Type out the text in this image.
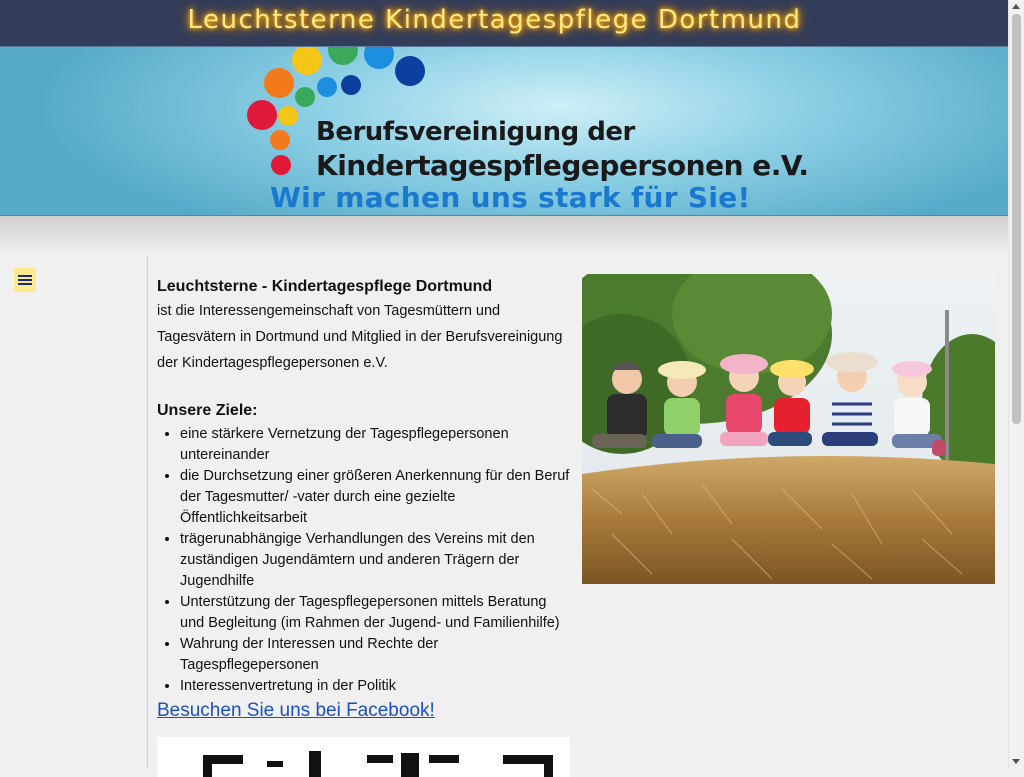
Leuchtsterne Kindertagespflege Dortmund
Berufsvereinigung der
Kindertagespflegepersonen e.V.
Wir machen uns stark für Sie!

Leuchtsterne - Kindertagespflege Dortmund

ist die Interessengemeinschaft von Tagesmüttern und Tagesvätern in Dortmund und Mitglied in der Berufsvereinigung der Kindertagespflegepersonen e.V.

Unsere Ziele:

• eine stärkere Vernetzung der Tagespflegepersonen untereinander
• die Durchsetzung einer größeren Anerkennung für den Beruf der Tagesmutter/ -vater durch eine gezielte Öffentlichkeitsarbeit
• trägerunabhängige Verhandlungen des Vereins mit den zuständigen Jugendämtern und anderen Trägern der Jugendhilfe
• Unterstützung der Tagespflegepersonen mittels Beratung und Begleitung (im Rahmen der Jugend- und Familienhilfe)
• Wahrung der Interessen und Rechte der Tagespflegepersonen
• Interessenvertretung in der Politik
Besuchen Sie uns bei Facebook!
